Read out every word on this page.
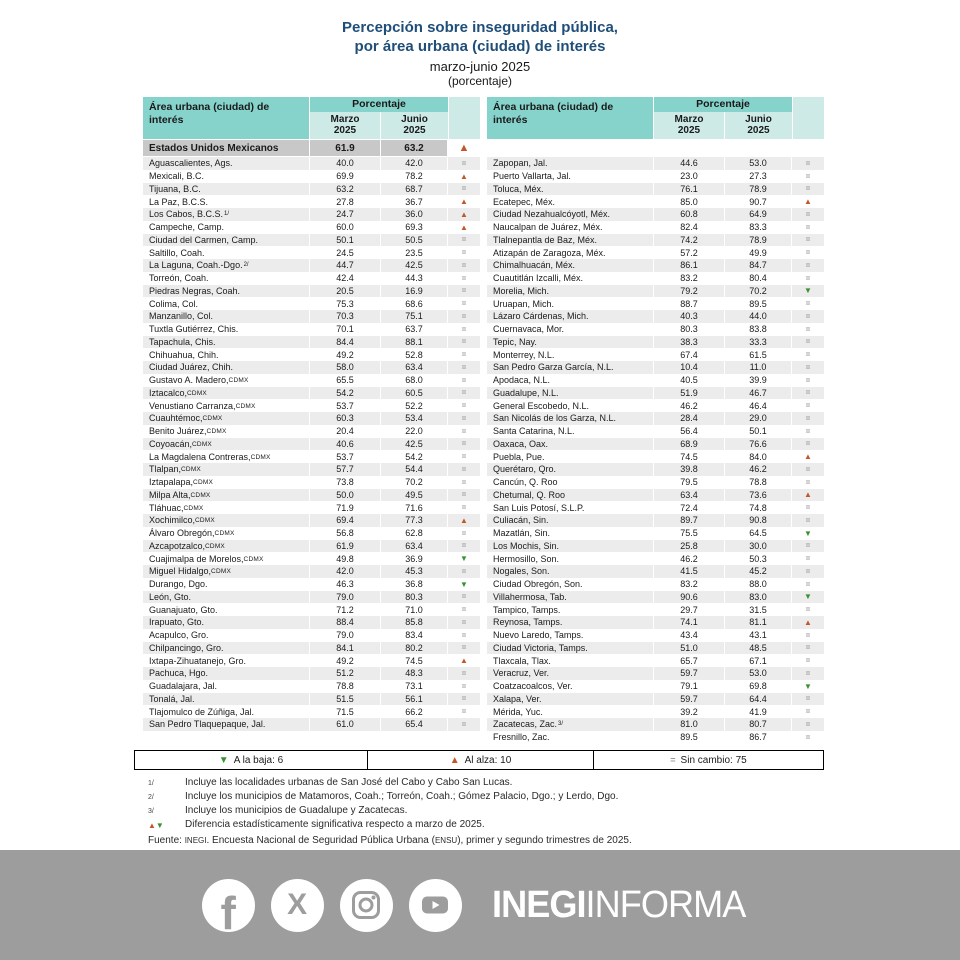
Percepción sobre inseguridad pública,
por área urbana (ciudad) de interés
marzo-junio 2025
(porcentaje)
Área urbana (ciudad) de interés
Porcentaje
Marzo
2025
Junio
2025
Estados Unidos Mexicanos	61.9	63.2	▲
Aguascalientes, Ags.	40.0	42.0	=
Mexicali, B.C.	69.9	78.2	▲
Tijuana, B.C.	63.2	68.7	=
La Paz, B.C.S.	27.8	36.7	▲
Los Cabos, B.C.S. 1/	24.7	36.0	▲
Campeche, Camp.	60.0	69.3	▲
Ciudad del Carmen, Camp.	50.1	50.5	=
Saltillo, Coah.	24.5	23.5	=
La Laguna, Coah.-Dgo. 2/	44.7	42.5	=
Torreón, Coah.	42.4	44.3	=
Piedras Negras, Coah.	20.5	16.9	=
Colima, Col.	75.3	68.6	=
Manzanillo, Col.	70.3	75.1	=
Tuxtla Gutiérrez, Chis.	70.1	63.7	=
Tapachula, Chis.	84.4	88.1	=
Chihuahua, Chih.	49.2	52.8	=
Ciudad Juárez, Chih.	58.0	63.4	=
Gustavo A. Madero, CDMX	65.5	68.0	=
Iztacalco, CDMX	54.2	60.5	=
Venustiano Carranza, CDMX	53.7	52.2	=
Cuauhtémoc, CDMX	60.3	53.4	=
Benito Juárez, CDMX	20.4	22.0	=
Coyoacán, CDMX	40.6	42.5	=
La Magdalena Contreras, CDMX	53.7	54.2	=
Tlalpan, CDMX	57.7	54.4	=
Iztapalapa, CDMX	73.8	70.2	=
Milpa Alta, CDMX	50.0	49.5	=
Tláhuac, CDMX	71.9	71.6	=
Xochimilco, CDMX	69.4	77.3	▲
Álvaro Obregón, CDMX	56.8	62.8	=
Azcapotzalco, CDMX	61.9	63.4	=
Cuajimalpa de Morelos, CDMX	49.8	36.9	▼
Miguel Hidalgo, CDMX	42.0	45.3	=
Durango, Dgo.	46.3	36.8	▼
León, Gto.	79.0	80.3	=
Guanajuato, Gto.	71.2	71.0	=
Irapuato, Gto.	88.4	85.8	=
Acapulco, Gro.	79.0	83.4	=
Chilpancingo, Gro.	84.1	80.2	=
Ixtapa-Zihuatanejo, Gro.	49.2	74.5	▲
Pachuca, Hgo.	51.2	48.3	=
Guadalajara, Jal.	78.8	73.1	=
Tonalá, Jal.	51.5	56.1	=
Tlajomulco de Zúñiga, Jal.	71.5	66.2	=
San Pedro Tlaquepaque, Jal.	61.0	65.4	=
Área urbana (ciudad) de interés
Porcentaje
Marzo
2025
Junio
2025
Zapopan, Jal.	44.6	53.0	=
Puerto Vallarta, Jal.	23.0	27.3	=
Toluca, Méx.	76.1	78.9	=
Ecatepec, Méx.	85.0	90.7	▲
Ciudad Nezahualcóyotl, Méx.	60.8	64.9	=
Naucalpan de Juárez, Méx.	82.4	83.3	=
Tlalnepantla de Baz, Méx.	74.2	78.9	=
Atizapán de Zaragoza, Méx.	57.2	49.9	=
Chimalhuacán, Méx.	86.1	84.7	=
Cuautitlán Izcalli, Méx.	83.2	80.4	=
Morelia, Mich.	79.2	70.2	▼
Uruapan, Mich.	88.7	89.5	=
Lázaro Cárdenas, Mich.	40.3	44.0	=
Cuernavaca, Mor.	80.3	83.8	=
Tepic, Nay.	38.3	33.3	=
Monterrey, N.L.	67.4	61.5	=
San Pedro Garza García, N.L.	10.4	11.0	=
Apodaca, N.L.	40.5	39.9	=
Guadalupe, N.L.	51.9	46.7	=
General Escobedo, N.L.	46.2	46.4	=
San Nicolás de los Garza, N.L.	28.4	29.0	=
Santa Catarina, N.L.	56.4	50.1	=
Oaxaca, Oax.	68.9	76.6	=
Puebla, Pue.	74.5	84.0	▲
Querétaro, Qro.	39.8	46.2	=
Cancún, Q. Roo	79.5	78.8	=
Chetumal, Q. Roo	63.4	73.6	▲
San Luis Potosí, S.L.P.	72.4	74.8	=
Culiacán, Sin.	89.7	90.8	=
Mazatlán, Sin.	75.5	64.5	▼
Los Mochis, Sin.	25.8	30.0	=
Hermosillo, Son.	46.2	50.3	=
Nogales, Son.	41.5	45.2	=
Ciudad Obregón, Son.	83.2	88.0	=
Villahermosa, Tab.	90.6	83.0	▼
Tampico, Tamps.	29.7	31.5	=
Reynosa, Tamps.	74.1	81.1	▲
Nuevo Laredo, Tamps.	43.4	43.1	=
Ciudad Victoria, Tamps.	51.0	48.5	=
Tlaxcala, Tlax.	65.7	67.1	=
Veracruz, Ver.	59.7	53.0	=
Coatzacoalcos, Ver.	79.1	69.8	▼
Xalapa, Ver.	59.7	64.4	=
Mérida, Yuc.	39.2	41.9	=
Zacatecas, Zac. 3/	81.0	80.7	=
Fresnillo, Zac.	89.5	86.7	=
▼ A la baja: 6	▲ Al alza: 10	= Sin cambio: 75
1/	Incluye las localidades urbanas de San José del Cabo y Cabo San Lucas.
2/	Incluye los municipios de Matamoros, Coah.; Torreón, Coah.; Gómez Palacio, Dgo.; y Lerdo, Dgo.
3/	Incluye los municipios de Guadalupe y Zacatecas.
▲▼	Diferencia estadísticamente significativa respecto a marzo de 2025.
Fuente: INEGI. Encuesta Nacional de Seguridad Pública Urbana (ENSU), primer y segundo trimestres de 2025.
f X	INEGIINFORMA
